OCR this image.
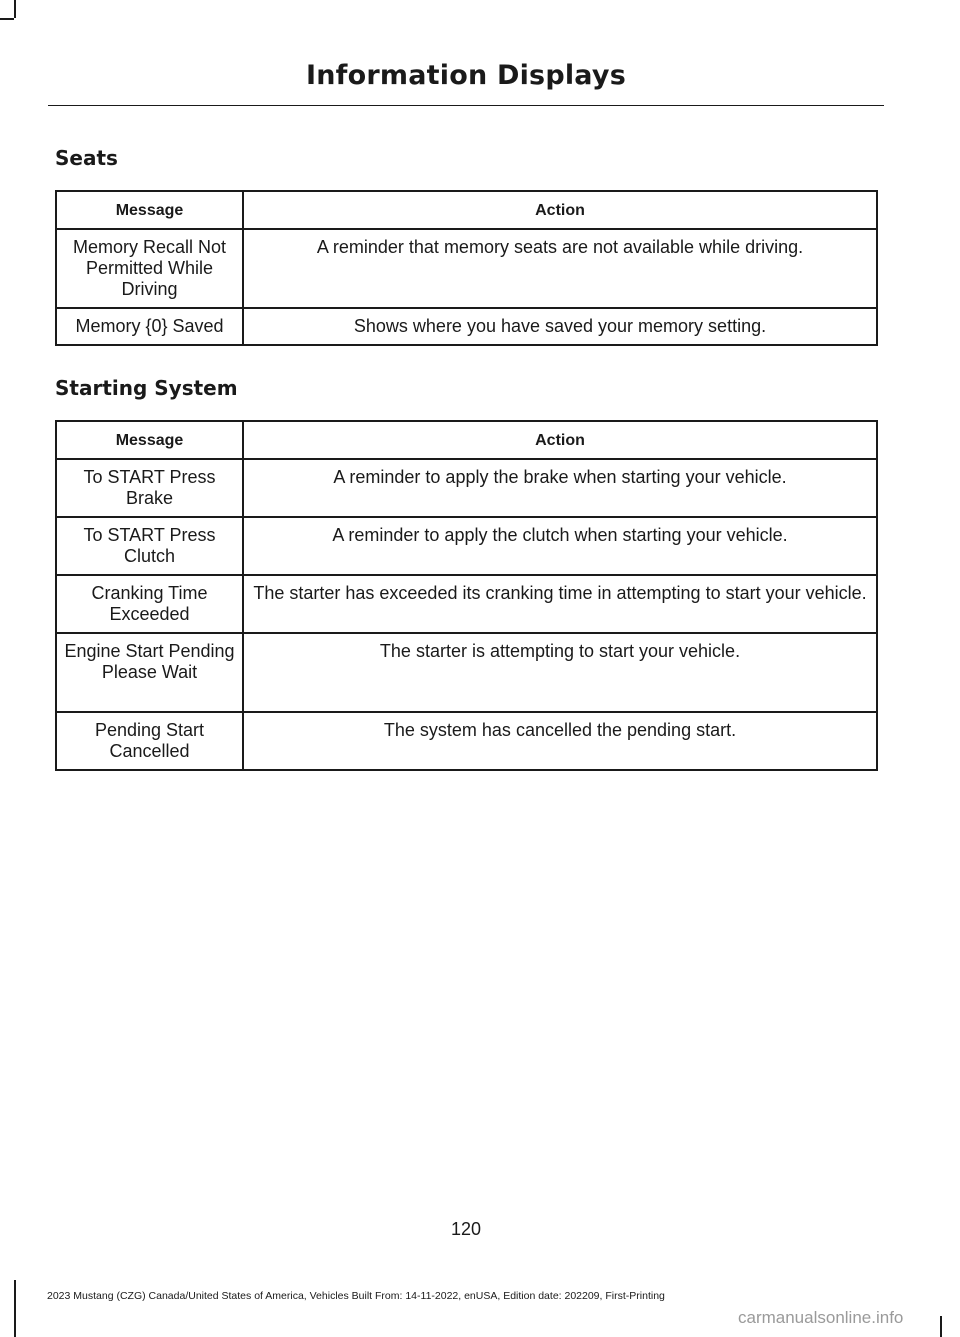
Information Displays
Seats
Message	Action
Memory Recall Not Permitted While Driving	A reminder that memory seats are not available while driving.
Memory {0} Saved	Shows where you have saved your memory setting.
Starting System
Message	Action
To START Press Brake	A reminder to apply the brake when starting your vehicle.
To START Press Clutch	A reminder to apply the clutch when starting your vehicle.
Cranking Time Exceeded	The starter has exceeded its cranking time in attempting to start your vehicle.
Engine Start Pending Please Wait	The starter is attempting to start your vehicle.
Pending Start Cancelled	The system has cancelled the pending start.
120
2023 Mustang (CZG) Canada/United States of America, Vehicles Built From: 14-11-2022, enUSA, Edition date: 202209, First-Printing
carmanualsonline.info
